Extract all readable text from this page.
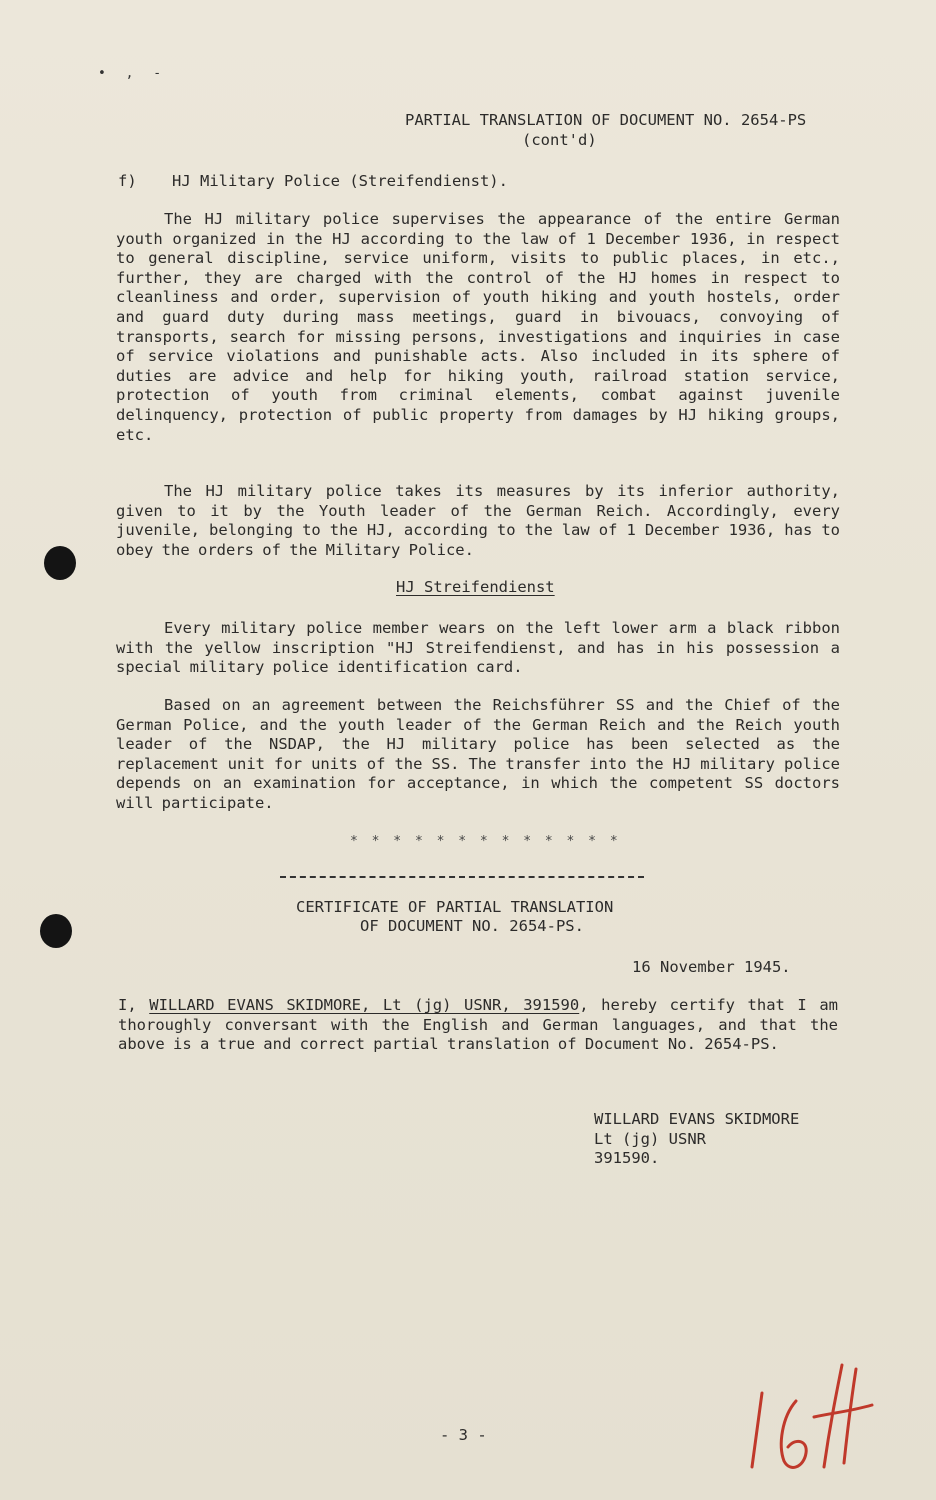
• , -
PARTIAL TRANSLATION OF DOCUMENT NO. 2654-PS
(cont'd)
f) HJ Military Police (Streifendienst).
The HJ military police supervises the appearance of the entire German youth organized in the HJ according to the law of 1 December 1936, in respect to general discipline, service uniform, visits to public places, in etc., further, they are charged with the control of the HJ homes in respect to cleanliness and order, supervision of youth hiking and youth hostels, order and guard duty during mass meetings, guard in bivouacs, convoying of transports, search for missing persons, investigations and inquiries in case of service violations and punishable acts. Also included in its sphere of duties are advice and help for hiking youth, railroad station service, protection of youth from criminal elements, combat against juvenile delinquency, protection of public property from damages by HJ hiking groups, etc.
The HJ military police takes its measures by its inferior authority, given to it by the Youth leader of the German Reich. Accordingly, every juvenile, belonging to the HJ, according to the law of 1 December 1936, has to obey the orders of the Military Police.
HJ Streifendienst
Every military police member wears on the left lower arm a black ribbon with the yellow inscription "HJ Streifendienst, and has in his possession a special military police identification card.
Based on an agreement between the Reichsführer SS and the Chief of the German Police, and the youth leader of the German Reich and the Reich youth leader of the NSDAP, the HJ military police has been selected as the replacement unit for units of the SS. The transfer into the HJ military police depends on an examination for acceptance, in which the competent SS doctors will participate.
* * * * * * * * * * * * *
CERTIFICATE OF PARTIAL TRANSLATION
OF DOCUMENT NO. 2654-PS.
16 November 1945.
I, WILLARD EVANS SKIDMORE, Lt (jg) USNR, 391590, hereby certify that I am thoroughly conversant with the English and German languages, and that the above is a true and correct partial translation of Document No. 2654-PS.
WILLARD EVANS SKIDMORE
Lt (jg) USNR
391590.
- 3 -
